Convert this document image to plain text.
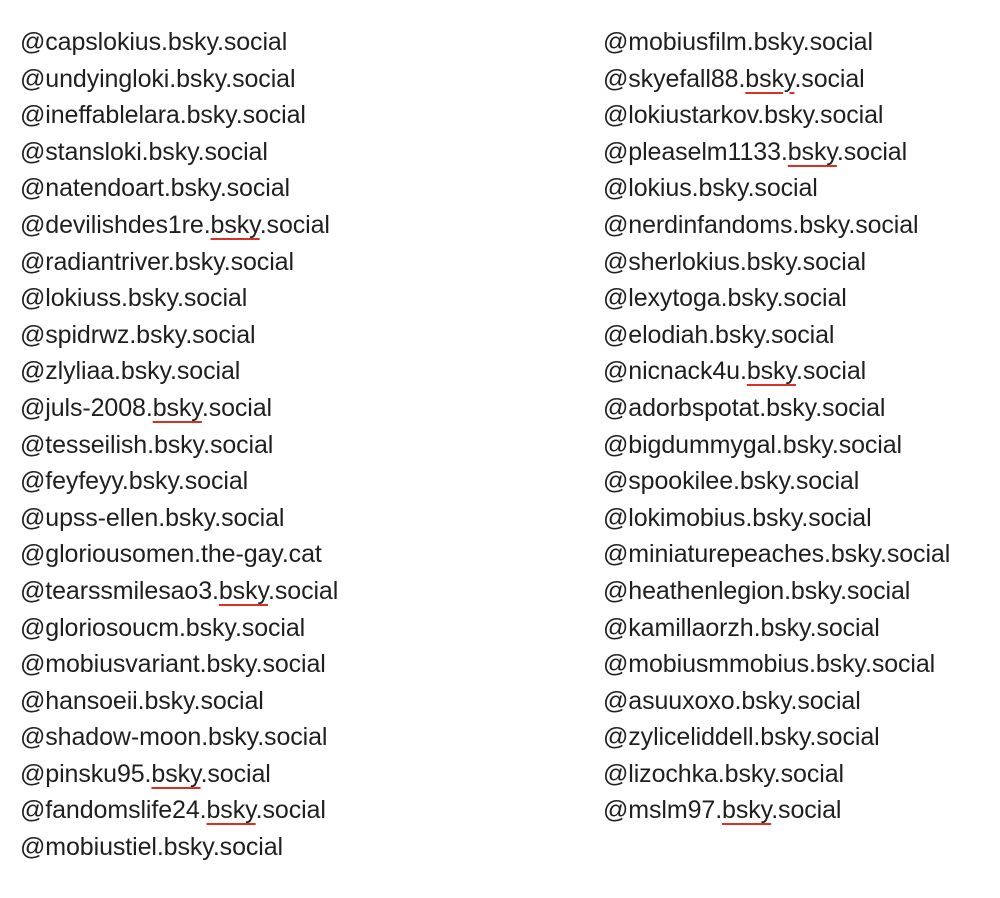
@capslokius.bsky.social
@undyingloki.bsky.social
@ineffablelara.bsky.social
@stansloki.bsky.social
@natendoart.bsky.social
@devilishdes1re.bsky.social
@radiantriver.bsky.social
@lokiuss.bsky.social
@spidrwz.bsky.social
@zlyliaa.bsky.social
@juls-2008.bsky.social
@tesseilish.bsky.social
@feyfeyy.bsky.social
@upss-ellen.bsky.social
@gloriousomen.the-gay.cat
@tearssmilesao3.bsky.social
@gloriosoucm.bsky.social
@mobiusvariant.bsky.social
@hansoeii.bsky.social
@shadow-moon.bsky.social
@pinsku95.bsky.social
@fandomslife24.bsky.social
@mobiustiel.bsky.social
@mobiusfilm.bsky.social
@skyefall88.bsky.social
@lokiustarkov.bsky.social
@pleaselm1133.bsky.social
@lokius.bsky.social
@nerdinfandoms.bsky.social
@sherlokius.bsky.social
@lexytoga.bsky.social
@elodiah.bsky.social
@nicnack4u.bsky.social
@adorbspotat.bsky.social
@bigdummygal.bsky.social
@spookilee.bsky.social
@lokimobius.bsky.social
@miniaturepeaches.bsky.social
@heathenlegion.bsky.social
@kamillaorzh.bsky.social
@mobiusmmobius.bsky.social
@asuuxoxo.bsky.social
@zyliceliddell.bsky.social
@lizochka.bsky.social
@mslm97.bsky.social
